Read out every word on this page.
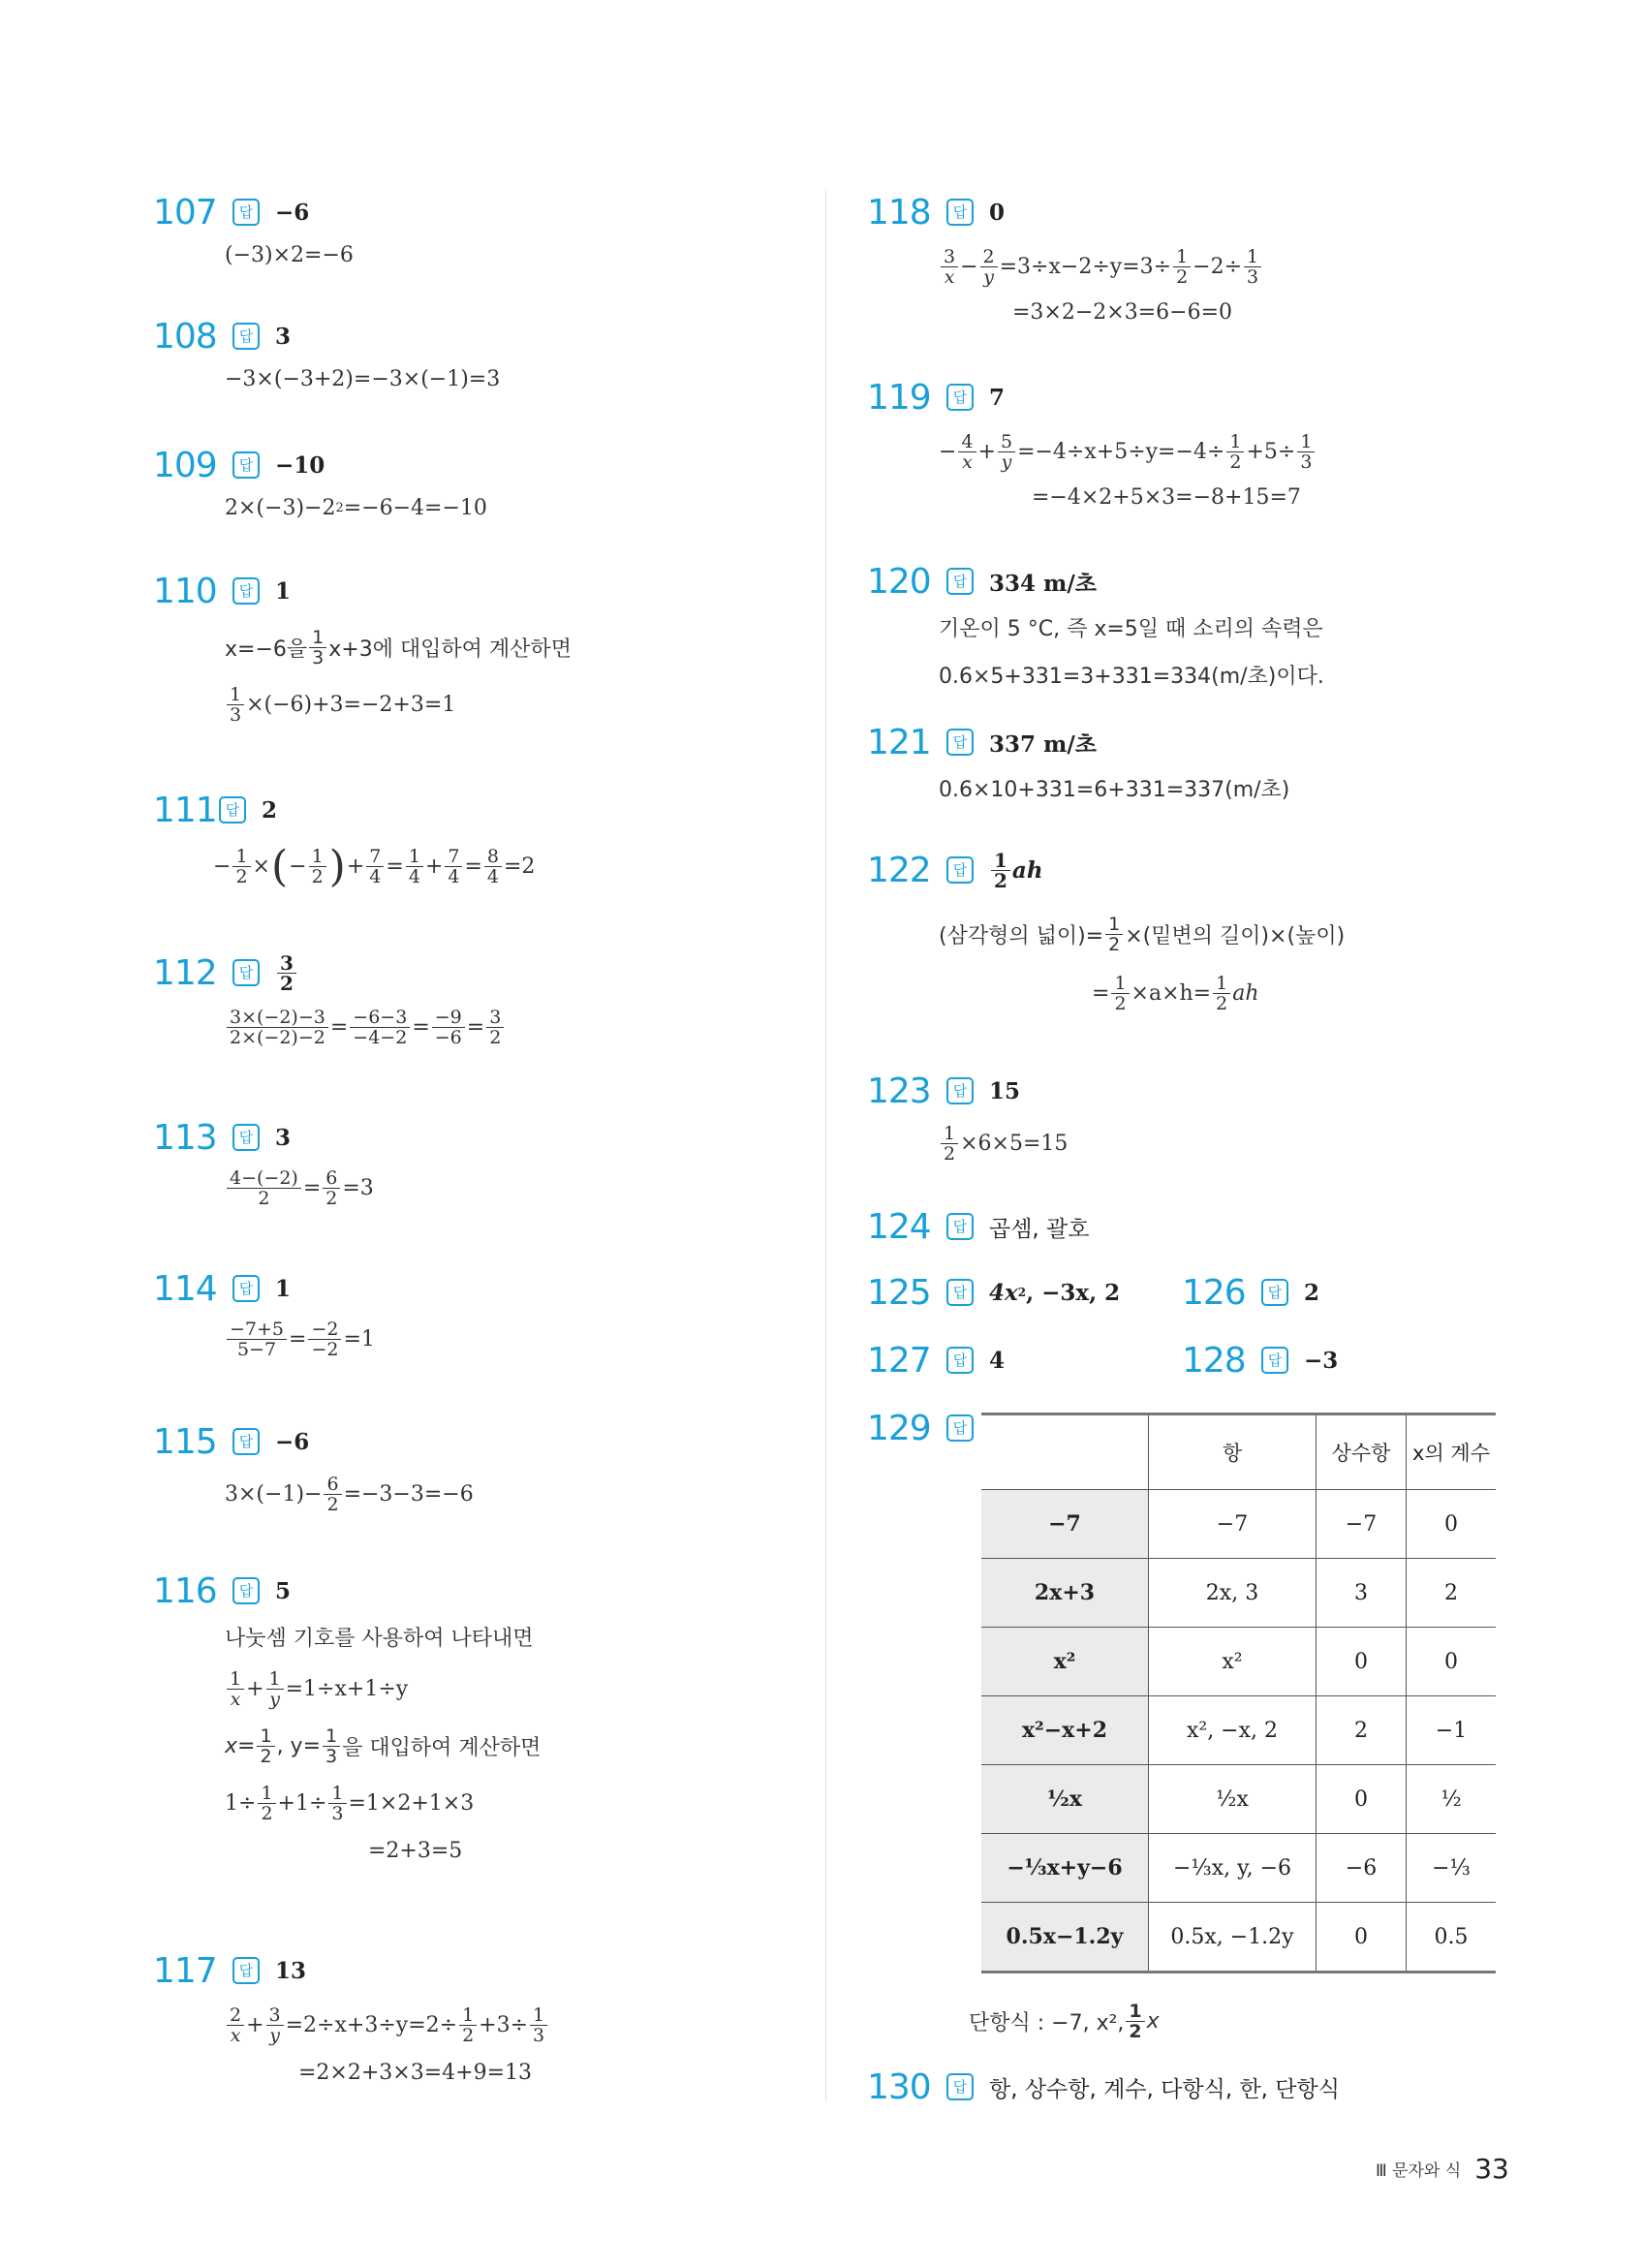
107	답 −6
(−3)×2=−6
108	답 3
−3×(−3+2)=−3×(−1)=3
109	답 −10
2×(−3)−2 2 =−6−4=−10
110	답 1
x=−6을 $\frac{1}{3} x+3$에 대입하여 계산하면
$\frac{1}{3} \times(-6)+3=-2+3=1$
111 답 2
− $\frac{1}{2}$ × ( − $\frac{1}{2}$ ) + $\frac{7}{4} = \frac{1}{4} + \frac{7}{4} = \frac{8}{4} =2$
112	답	$\frac{3}{2}$
$\frac{3\times(-2)-3}{2\times(-2)-2} = \frac{-6-3}{-4-2} = \frac{-9}{-6} = \frac{3}{2}$
113	답 3
$\frac{4-(-2)}{2} = \frac{6}{2} =3$
114	답 1
$\frac{-7+5}{5-7} = \frac{-2}{-2} =1$
115	답 −6
$3\times(-1)- \frac{6}{2} =-3-3=-6$
116	답 5
나눗셈 기호를 사용하여 나타내면
$\frac{1}{x} + \frac{1}{y} =1\div x+1\div y$
$x = \frac{1}{2}$ , $y= \frac{1}{3}$ 을 대입하여 계산하면
$1\div \frac{1}{2} +1\div \frac{1}{3} =1\times 2+1\times 3$
=2+3=5
117	답 13
$\frac{2}{x} + \frac{3}{y} =2\div x+3\div y=2\div \frac{1}{2} +3\div \frac{1}{3}$
=2×2+3×3=4+9=13
118	답 0
$\frac{3}{x} - \frac{2}{y} =3\div x-2\div y=3\div \frac{1}{2} -2\div \frac{1}{3}$
=3×2−2×3=6−6=0
119	답 7
− $\frac{4}{x} + \frac{5}{y} =-4\div x+5\div y=-4\div \frac{1}{2} +5\div \frac{1}{3}$
=−4×2+5×3=−8+15=7
120	답 334 m/초
기온이 5 °C, 즉 x=5일 때 소리의 속력은
0.6×5+331=3+331=334(m/초)이다.
121	답 337 m/초
0.6×10+331=6+331=337(m/초)
122	답	$\frac{1}{2}$ ah
(삼각형의 넓이)= $\frac{1}{2}$ ×(밑변의 길이)×(높이)
= $\frac{1}{2} \times a\times h= \frac{1}{2}$ ah
123	답 15
$\frac{1}{2} \times 6\times 5=15$
124	답 곱셈, 괄호
125	답 4x 2 , −3x, 2 126	답 2
127	답 4	128	답 −3
129	답
	항	상수항	x의 계수
−7	−7	−7	0
2x+3	2x, 3	3	2
x²	x²	0	0
x²−x+2	x², −x, 2	2	−1
½x	½x	0	½
−⅓x+y−6	−⅓x, y, −6	−6	−⅓
0.5x−1.2y	0.5x, −1.2y	0	0.5
단항식 : −7, x², $\frac{1}{2}$ x
130	답 항, 상수항, 계수, 다항식, 한, 단항식
Ⅲ 문자와 식 33
